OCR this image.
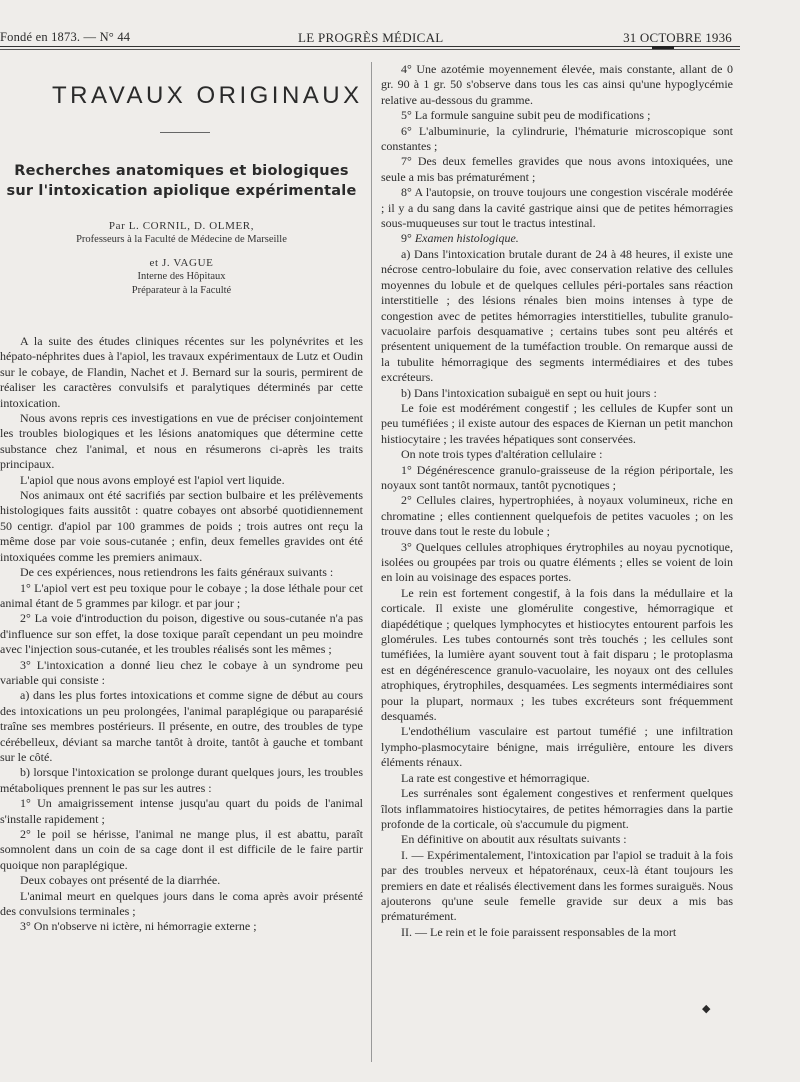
Fondé en 1873. — N° 44	LE PROGRÈS MÉDICAL	31 OCTOBRE 1936
TRAVAUX ORIGINAUX
Recherches anatomiques et biologiques
sur l'intoxication apiolique expérimentale
Par L. CORNIL, D. OLMER,
Professeurs à la Faculté de Médecine de Marseille
et J. VAGUE
Interne des Hôpitaux
Préparateur à la Faculté

A la suite des études cliniques récentes sur les polynévrites et les hépato-néphrites dues à l'apiol, les travaux expérimentaux de Lutz et Oudin sur le cobaye, de Flandin, Nachet et J. Bernard sur la souris, permirent de réaliser les caractères convulsifs et paralytiques déterminés par cette intoxication.

Nous avons repris ces investigations en vue de préciser conjointement les troubles biologiques et les lésions anatomiques que détermine cette substance chez l'animal, et nous en résumerons ci-après les traits principaux.

L'apiol que nous avons employé est l'apiol vert liquide.

Nos animaux ont été sacrifiés par section bulbaire et les prélèvements histologiques faits aussitôt : quatre cobayes ont absorbé quotidiennement 50 centigr. d'apiol par 100 grammes de poids ; trois autres ont reçu la même dose par voie sous-cutanée ; enfin, deux femelles gravides ont été intoxiquées comme les premiers animaux.

De ces expériences, nous retiendrons les faits généraux suivants :

1° L'apiol vert est peu toxique pour le cobaye ; la dose léthale pour cet animal étant de 5 grammes par kilogr. et par jour ;

2° La voie d'introduction du poison, digestive ou sous-cutanée n'a pas d'influence sur son effet, la dose toxique paraît cependant un peu moindre avec l'injection sous-cutanée, et les troubles réalisés sont les mêmes ;

3° L'intoxication a donné lieu chez le cobaye à un syndrome peu variable qui consiste :

a) dans les plus fortes intoxications et comme signe de début au cours des intoxications un peu prolongées, l'animal paraplégique ou paraparésié traîne ses membres postérieurs. Il présente, en outre, des troubles de type cérébelleux, déviant sa marche tantôt à droite, tantôt à gauche et tombant sur le côté.

b) lorsque l'intoxication se prolonge durant quelques jours, les troubles métaboliques prennent le pas sur les autres :

1° Un amaigrissement intense jusqu'au quart du poids de l'animal s'installe rapidement ;

2° le poil se hérisse, l'animal ne mange plus, il est abattu, paraît somnolent dans un coin de sa cage dont il est difficile de le faire partir quoique non paraplégique.

Deux cobayes ont présenté de la diarrhée.

L'animal meurt en quelques jours dans le coma après avoir présenté des convulsions terminales ;

3° On n'observe ni ictère, ni hémorragie externe ;

4° Une azotémie moyennement élevée, mais constante, allant de 0 gr. 90 à 1 gr. 50 s'observe dans tous les cas ainsi qu'une hypoglycémie relative au-dessous du gramme.

5° La formule sanguine subit peu de modifications ;

6° L'albuminurie, la cylindrurie, l'hématurie microscopique sont constantes ;

7° Des deux femelles gravides que nous avons intoxiquées, une seule a mis bas prématurément ;

8° A l'autopsie, on trouve toujours une congestion viscérale modérée ; il y a du sang dans la cavité gastrique ainsi que de petites hémorragies sous-muqueuses sur tout le tractus intestinal.

9° Examen histologique.

a) Dans l'intoxication brutale durant de 24 à 48 heures, il existe une nécrose centro-lobulaire du foie, avec conservation relative des cellules moyennes du lobule et de quelques cellules péri-portales sans réaction interstitielle ; des lésions rénales bien moins intenses à type de congestion avec de petites hémorragies interstitielles, tubulite granulo-vacuolaire parfois desquamative ; certains tubes sont peu altérés et présentent uniquement de la tuméfaction trouble. On remarque aussi de la tubulite hémorragique des segments intermédiaires et des tubes excréteurs.

b) Dans l'intoxication subaiguë en sept ou huit jours :

Le foie est modérément congestif ; les cellules de Kupfer sont un peu tuméfiées ; il existe autour des espaces de Kiernan un petit manchon histiocytaire ; les travées hépatiques sont conservées.

On note trois types d'altération cellulaire :

1° Dégénérescence granulo-graisseuse de la région périportale, les noyaux sont tantôt normaux, tantôt pycnotiques ;

2° Cellules claires, hypertrophiées, à noyaux volumineux, riche en chromatine ; elles contiennent quelquefois de petites vacuoles ; on les trouve dans tout le reste du lobule ;

3° Quelques cellules atrophiques érytrophiles au noyau pycnotique, isolées ou groupées par trois ou quatre éléments ; elles se voient de loin en loin au voisinage des espaces portes.

Le rein est fortement congestif, à la fois dans la médullaire et la corticale. Il existe une glomérulite congestive, hémorragique et diapédétique ; quelques lymphocytes et histiocytes entourent parfois les glomérules. Les tubes contournés sont très touchés ; les cellules sont tuméfiées, la lumière ayant souvent tout à fait disparu ; le protoplasma est en dégénérescence granulo-vacuolaire, les noyaux ont des cellules atrophiques, érytrophiles, desquamées. Les segments intermédiaires sont pour la plupart, normaux ; les tubes excréteurs sont fréquemment desquamés.

L'endothélium vasculaire est partout tuméfié ; une infiltration lympho-plasmocytaire bénigne, mais irrégulière, entoure les divers éléments rénaux.

La rate est congestive et hémorragique.

Les surrénales sont également congestives et renferment quelques îlots inflammatoires histiocytaires, de petites hémorragies dans la partie profonde de la corticale, où s'accumule du pigment.

En définitive on aboutit aux résultats suivants :

I. — Expérimentalement, l'intoxication par l'apiol se traduit à la fois par des troubles nerveux et hépatorénaux, ceux-là étant toujours les premiers en date et réalisés électivement dans les formes suraiguës. Nous ajouterons qu'une seule femelle gravide sur deux a mis bas prématurément.

II. — Le rein et le foie paraissent responsables de la mort

◆
